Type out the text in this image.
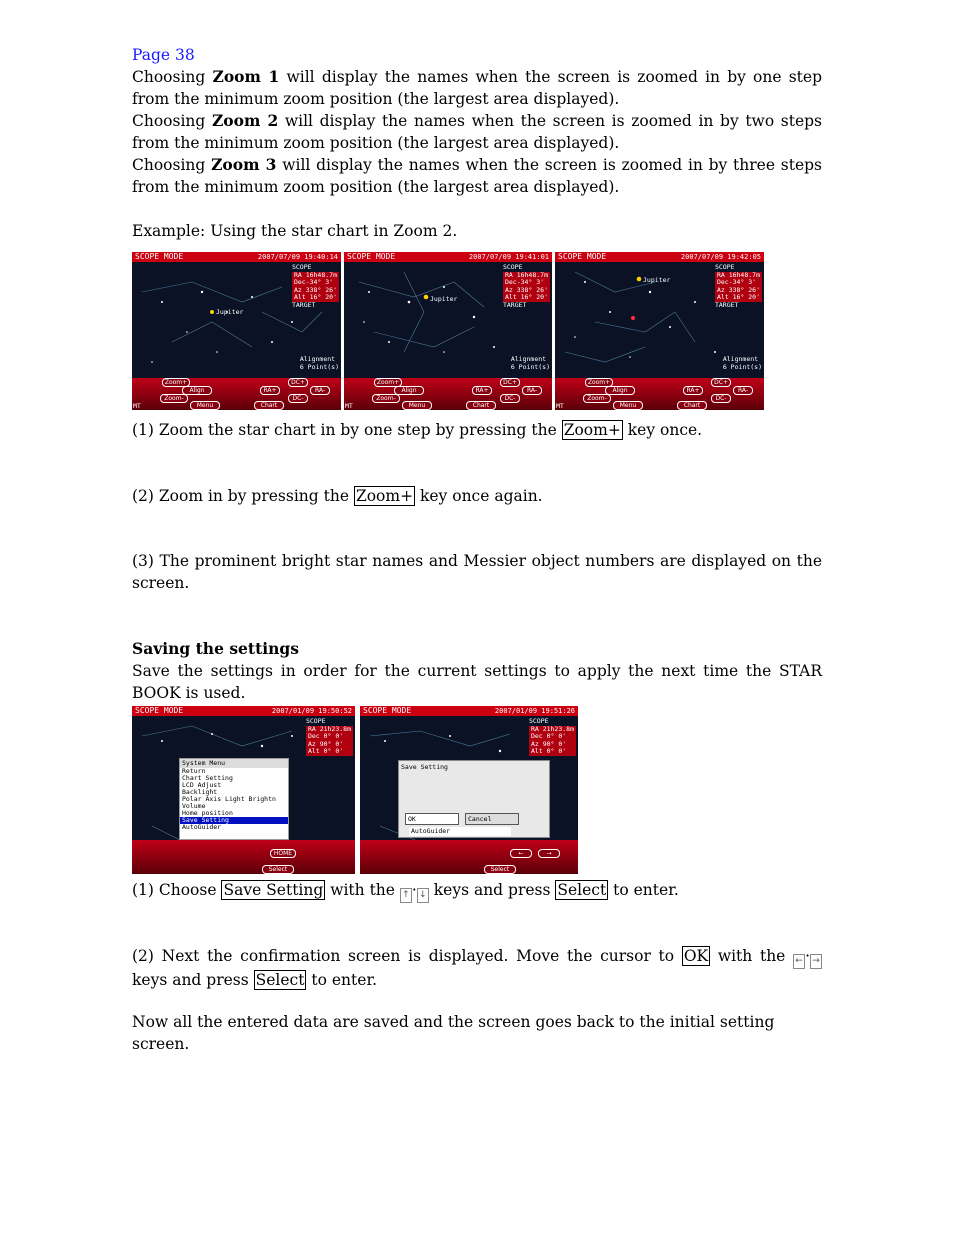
Page 38

Choosing Zoom 1 will display the names when the screen is zoomed in by one step from the minimum zoom position (the largest area displayed).

Choosing Zoom 2 will display the names when the screen is zoomed in by two steps from the minimum zoom position (the largest area displayed).

Choosing Zoom 3 will display the names when the screen is zoomed in by three steps from the minimum zoom position (the largest area displayed).

Example: Using the star chart in Zoom 2.

Jupiter
SCOPE MODE	2007/07/09 19:40:14
SCOPE
RA 16h48.7m
Dec-34° 3'
Az 338° 26'
Alt 16° 20'
TARGET
Alignment
6 Point(s)
Zoom+
Align
Zoom-
Menu	Chart
DC+
RA+	RA-
DC-
MT
Jupiter
SCOPE MODE	2007/07/09 19:41:01
SCOPE
RA 16h48.7m
Dec-34° 3'
Az 338° 26'
Alt 16° 20'
TARGET
Alignment
6 Point(s)
Zoom+
Align
Zoom-
Menu	Chart
DC+
RA+	RA-
DC-
MT
Jupiter
SCOPE MODE	2007/07/09 19:42:05
SCOPE
RA 16h48.7m
Dec-34° 3'
Az 338° 26'
Alt 16° 20'
TARGET
Alignment
6 Point(s)
Zoom+
Align
Zoom-
Menu	Chart
DC+
RA+	RA-
DC-
MT

(1) Zoom the star chart in by one step by pressing the Zoom+ key once.

(2) Zoom in by pressing the Zoom+ key once again.

(3) The prominent bright star names and Messier object numbers are displayed on the screen.

Saving the settings

Save the settings in order for the current settings to apply the next time the STAR BOOK is used.

SCOPE MODE	2007/01/09 19:50:52
SCOPE
RA 21h23.8m
Dec 0° 0'
Az 90° 0'
Alt 0° 0'
System Menu
Return
Chart Setting
LCD Adjust
Backlight
Polar Axis Light Brightn
Volume
Home position
Save Setting
AutoGuider
HOME
Select
SCOPE MODE	2007/01/09 19:51:26
SCOPE
RA 21h23.8m
Dec 0° 0'
Az 90° 0'
Alt 0° 0'
Save Setting
OK	Cancel
AutoGuider
←	→
Select

(1) Choose Save Setting with the ↑ · ↓ keys and press Select to enter.

(2) Next the confirmation screen is displayed. Move the cursor to OK with the ← · → keys and press Select to enter.

Now all the entered data are saved and the screen goes back to the initial setting screen.
